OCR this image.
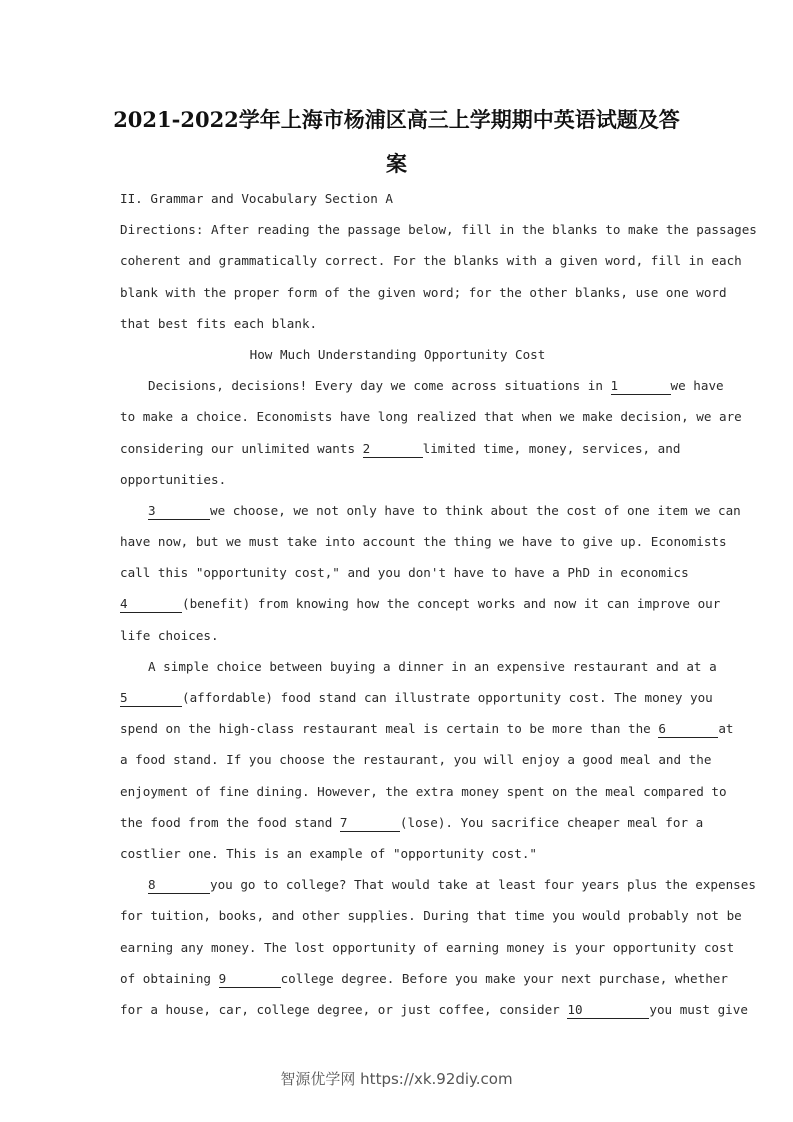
2021-2022学年上海市杨浦区高三上学期期中英语试题及答
案
II. Grammar and Vocabulary Section A
Directions: After reading the passage below, fill in the blanks to make the passages
coherent and grammatically correct. For the blanks with a given word, fill in each
blank with the proper form of the given word; for the other blanks, use one word
that best fits each blank.
How Much Understanding Opportunity Cost
Decisions, decisions! Every day we come across situations in 1	we have
to make a choice. Economists have long realized that when we make decision, we are
considering our unlimited wants 2	limited time, money, services, and
opportunities.
3	we choose, we not only have to think about the cost of one item we can
have now, but we must take into account the thing we have to give up. Economists
call this "opportunity cost," and you don't have to have a PhD in economics
4	(benefit) from knowing how the concept works and now it can improve our
life choices.
A simple choice between buying a dinner in an expensive restaurant and at a
5	(affordable) food stand can illustrate opportunity cost. The money you
spend on the high-class restaurant meal is certain to be more than the 6	at
a food stand. If you choose the restaurant, you will enjoy a good meal and the
enjoyment of fine dining. However, the extra money spent on the meal compared to
the food from the food stand 7	(lose). You sacrifice cheaper meal for a
costlier one. This is an example of "opportunity cost."
8	you go to college? That would take at least four years plus the expenses
for tuition, books, and other supplies. During that time you would probably not be
earning any money. The lost opportunity of earning money is your opportunity cost
of obtaining 9	college degree. Before you make your next purchase, whether
for a house, car, college degree, or just coffee, consider 10	you must give
智源优学网 https://xk.92diy.com
